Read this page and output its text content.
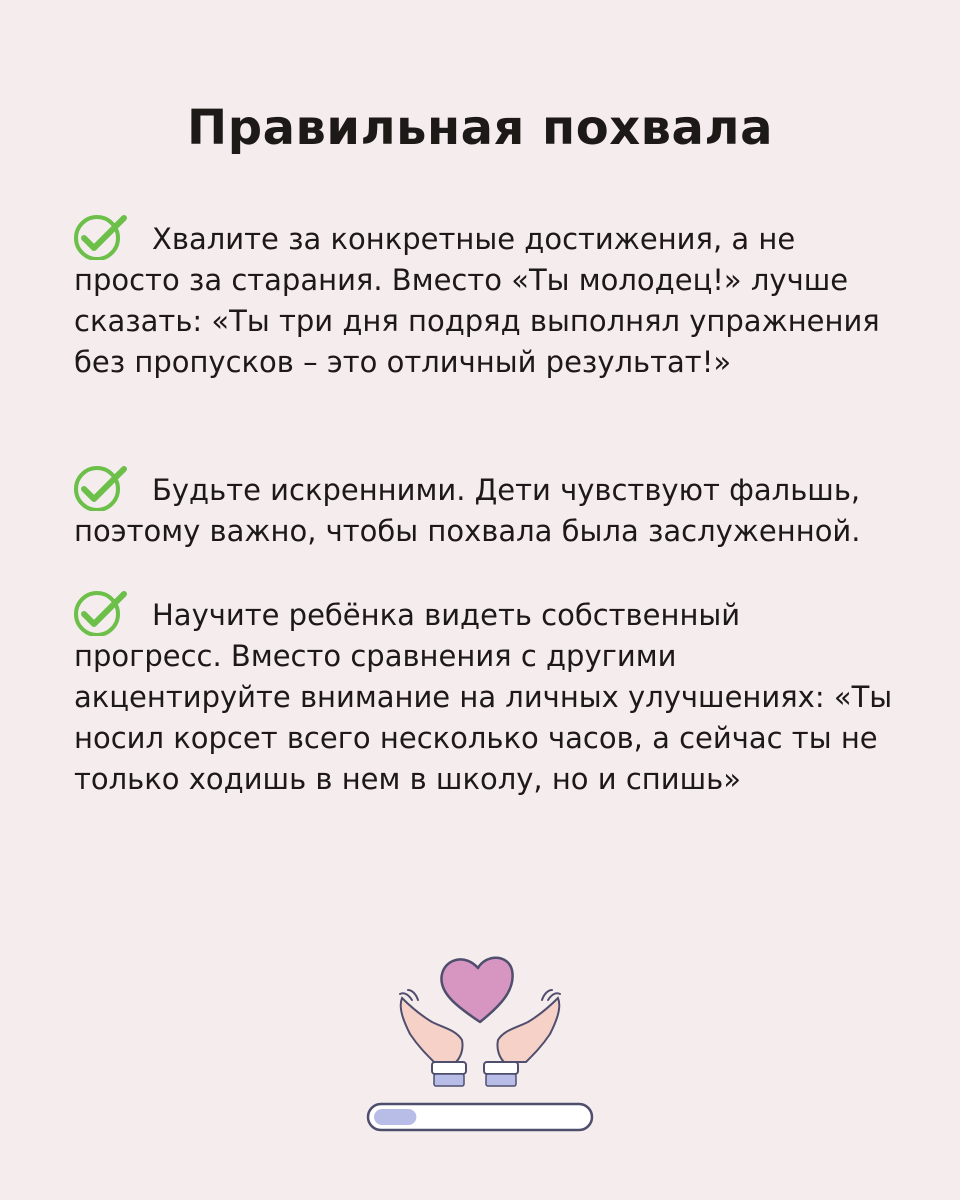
Правильная похвала

Хвалите за конкретные достижения, а не просто за старания. Вместо «Ты молодец!» лучше сказать: «Ты три дня подряд выполнял упражнения без пропусков – это отличный результат!»

Будьте искренними. Дети чувствуют фальшь, поэтому важно, чтобы похвала была заслуженной.

Научите ребёнка видеть собственный прогресс. Вместо сравнения с другими акцентируйте внимание на личных улучшениях: «Ты носил корсет всего несколько часов, а сейчас ты не только ходишь в нем в школу, но и спишь»
